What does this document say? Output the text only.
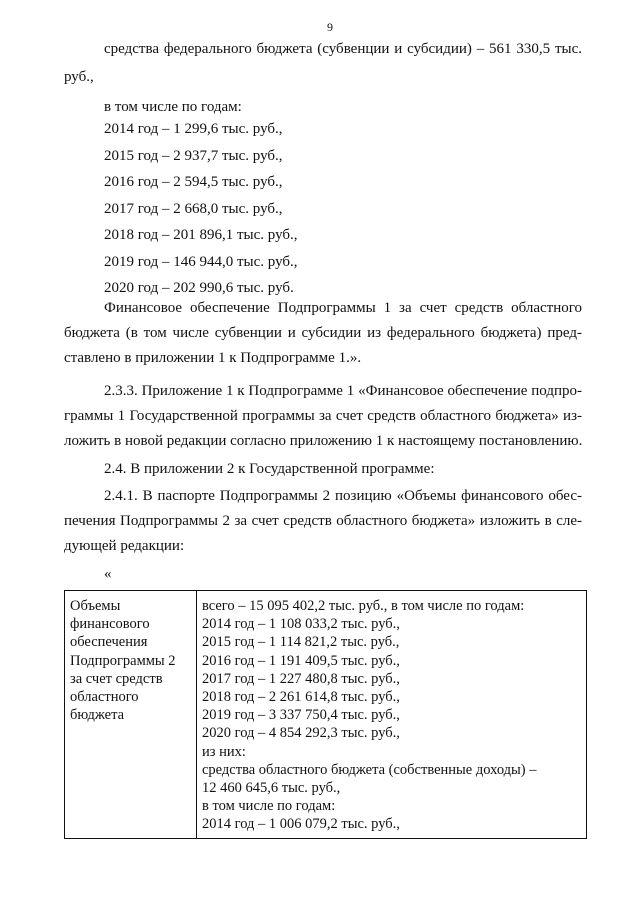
9
средства федерального бюджета (субвенции и субсидии) – 561 330,5 тыс.
руб.,
в том числе по годам:
2014 год – 1 299,6 тыс. руб.,
2015 год – 2 937,7 тыс. руб.,
2016 год – 2 594,5 тыс. руб.,
2017 год – 2 668,0 тыс. руб.,
2018 год – 201 896,1 тыс. руб.,
2019 год – 146 944,0 тыс. руб.,
2020 год – 202 990,6 тыс. руб.
Финансовое обеспечение Подпрограммы 1 за счет средств областного
бюджета (в том числе субвенции и субсидии из федерального бюджета) пред-
ставлено в приложении 1 к Подпрограмме 1.».
2.3.3. Приложение 1 к Подпрограмме 1 «Финансовое обеспечение подпро-
граммы 1 Государственной программы за счет средств областного бюджета» из-
ложить в новой редакции согласно приложению 1 к настоящему постановлению.
2.4. В приложении 2 к Государственной программе:
2.4.1. В паспорте Подпрограммы 2 позицию «Объемы финансового обес-
печения Подпрограммы 2 за счет средств областного бюджета» изложить в сле-
дующей редакции:
«
Объемы
финансового
обеспечения
Подпрограммы 2
за счет средств
областного
бюджета

всего – 15 095 402,2 тыс. руб., в том числе по годам:
2014 год – 1 108 033,2 тыс. руб.,
2015 год – 1 114 821,2 тыс. руб.,
2016 год – 1 191 409,5 тыс. руб.,
2017 год – 1 227 480,8 тыс. руб.,
2018 год – 2 261 614,8 тыс. руб.,
2019 год – 3 337 750,4 тыс. руб.,
2020 год – 4 854 292,3 тыс. руб.,
из них:
средства областного бюджета (собственные доходы) –
12 460 645,6 тыс. руб.,
в том числе по годам:
2014 год – 1 006 079,2 тыс. руб.,
